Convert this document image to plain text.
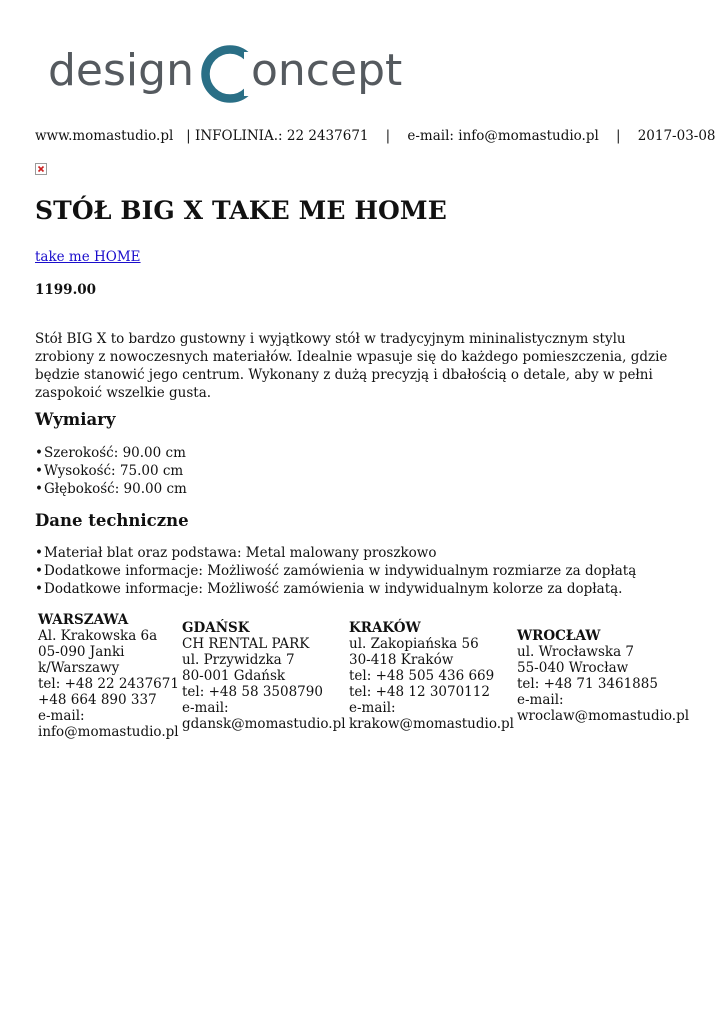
design oncept
www.momastudio.pl   | INFOLINIA.: 22 2437671    |    e-mail: info@momastudio.pl    |    2017-03-08
STÓŁ BIG X TAKE ME HOME
take me HOME
1199.00

Stół BIG X to bardzo gustowny i wyjątkowy stół w tradycyjnym mininalistycznym stylu zrobiony z nowoczesnych materiałów. Idealnie wpasuje się do każdego pomieszczenia, gdzie będzie stanowić jego centrum. Wykonany z dużą precyzją i dbałością o detale, aby w pełni zaspokoić wszelkie gusta.

Wymiary
•Szerokość: 90.00 cm
•Wysokość: 75.00 cm
•Głębokość: 90.00 cm
Dane techniczne
•Materiał blat oraz podstawa: Metal malowany proszkowo
•Dodatkowe informacje: Możliwość zamówienia w indywidualnym rozmiarze za dopłatą
•Dodatkowe informacje: Możliwość zamówienia w indywidualnym kolorze za dopłatą.
WARSZAWA
Al. Krakowska 6a
05-090 Janki
k/Warszawy
tel: +48 22 2437671
+48 664 890 337
e-mail:
info@momastudio.pl
GDAŃSK
CH RENTAL PARK
ul. Przywidzka 7
80-001 Gdańsk
tel: +48 58 3508790
e-mail:
gdansk@momastudio.pl
KRAKÓW
ul. Zakopiańska 56
30-418 Kraków
tel: +48 505 436 669
tel: +48 12 3070112
e-mail:
krakow@momastudio.pl
WROCŁAW
ul. Wrocławska 7
55-040 Wrocław
tel: +48 71 3461885
e-mail:
wroclaw@momastudio.pl
